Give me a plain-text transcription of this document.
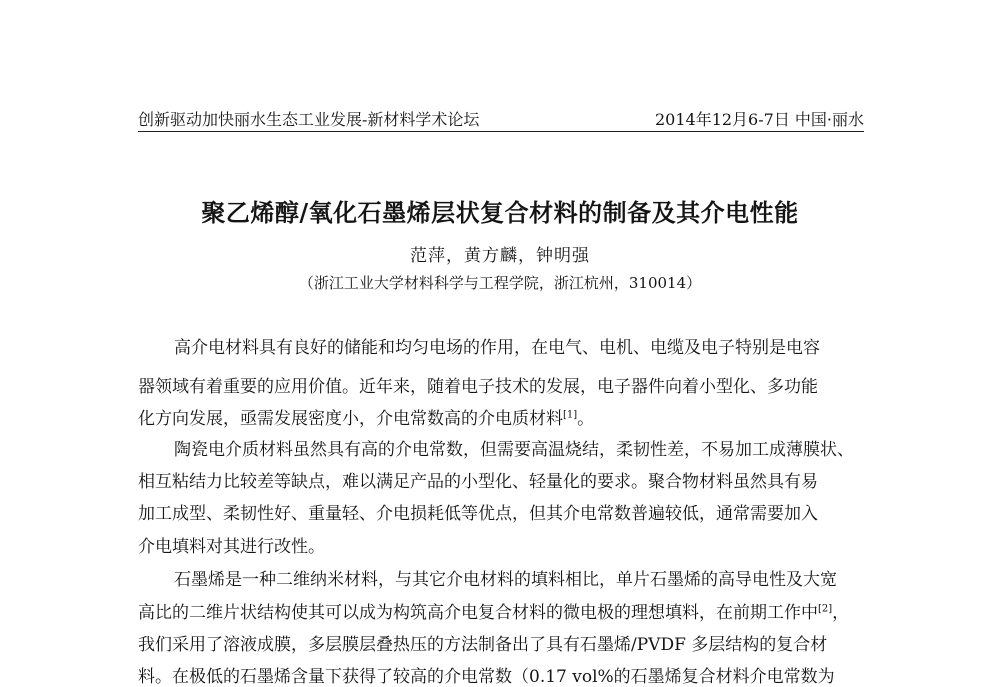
创新驱动加快丽水生态工业发展-新材料学术论坛	2014年12月6-7日 中国·丽水
聚乙烯醇/氧化石墨烯层状复合材料的制备及其介电性能
范萍，黄方麟，钟明强
（浙江工业大学材料科学与工程学院，浙江杭州，310014）
高介电材料具有良好的储能和均匀电场的作用，在电气、电机、电缆及电子特别是电容
器领域有着重要的应用价值。近年来，随着电子技术的发展，电子器件向着小型化、多功能
化方向发展，亟需发展密度小，介电常数高的介电质材料[1]。
陶瓷电介质材料虽然具有高的介电常数，但需要高温烧结，柔韧性差，不易加工成薄膜状、
相互粘结力比较差等缺点，难以满足产品的小型化、轻量化的要求。聚合物材料虽然具有易
加工成型、柔韧性好、重量轻、介电损耗低等优点，但其介电常数普遍较低，通常需要加入
介电填料对其进行改性。
石墨烯是一种二维纳米材料，与其它介电材料的填料相比，单片石墨烯的高导电性及大宽
高比的二维片状结构使其可以成为构筑高介电复合材料的微电极的理想填料，在前期工作中[2]，
我们采用了溶液成膜，多层膜层叠热压的方法制备出了具有石墨烯/PVDF 多层结构的复合材
料。在极低的石墨烯含量下获得了较高的介电常数（0.17 vol%的石墨烯复合材料介电常数为
